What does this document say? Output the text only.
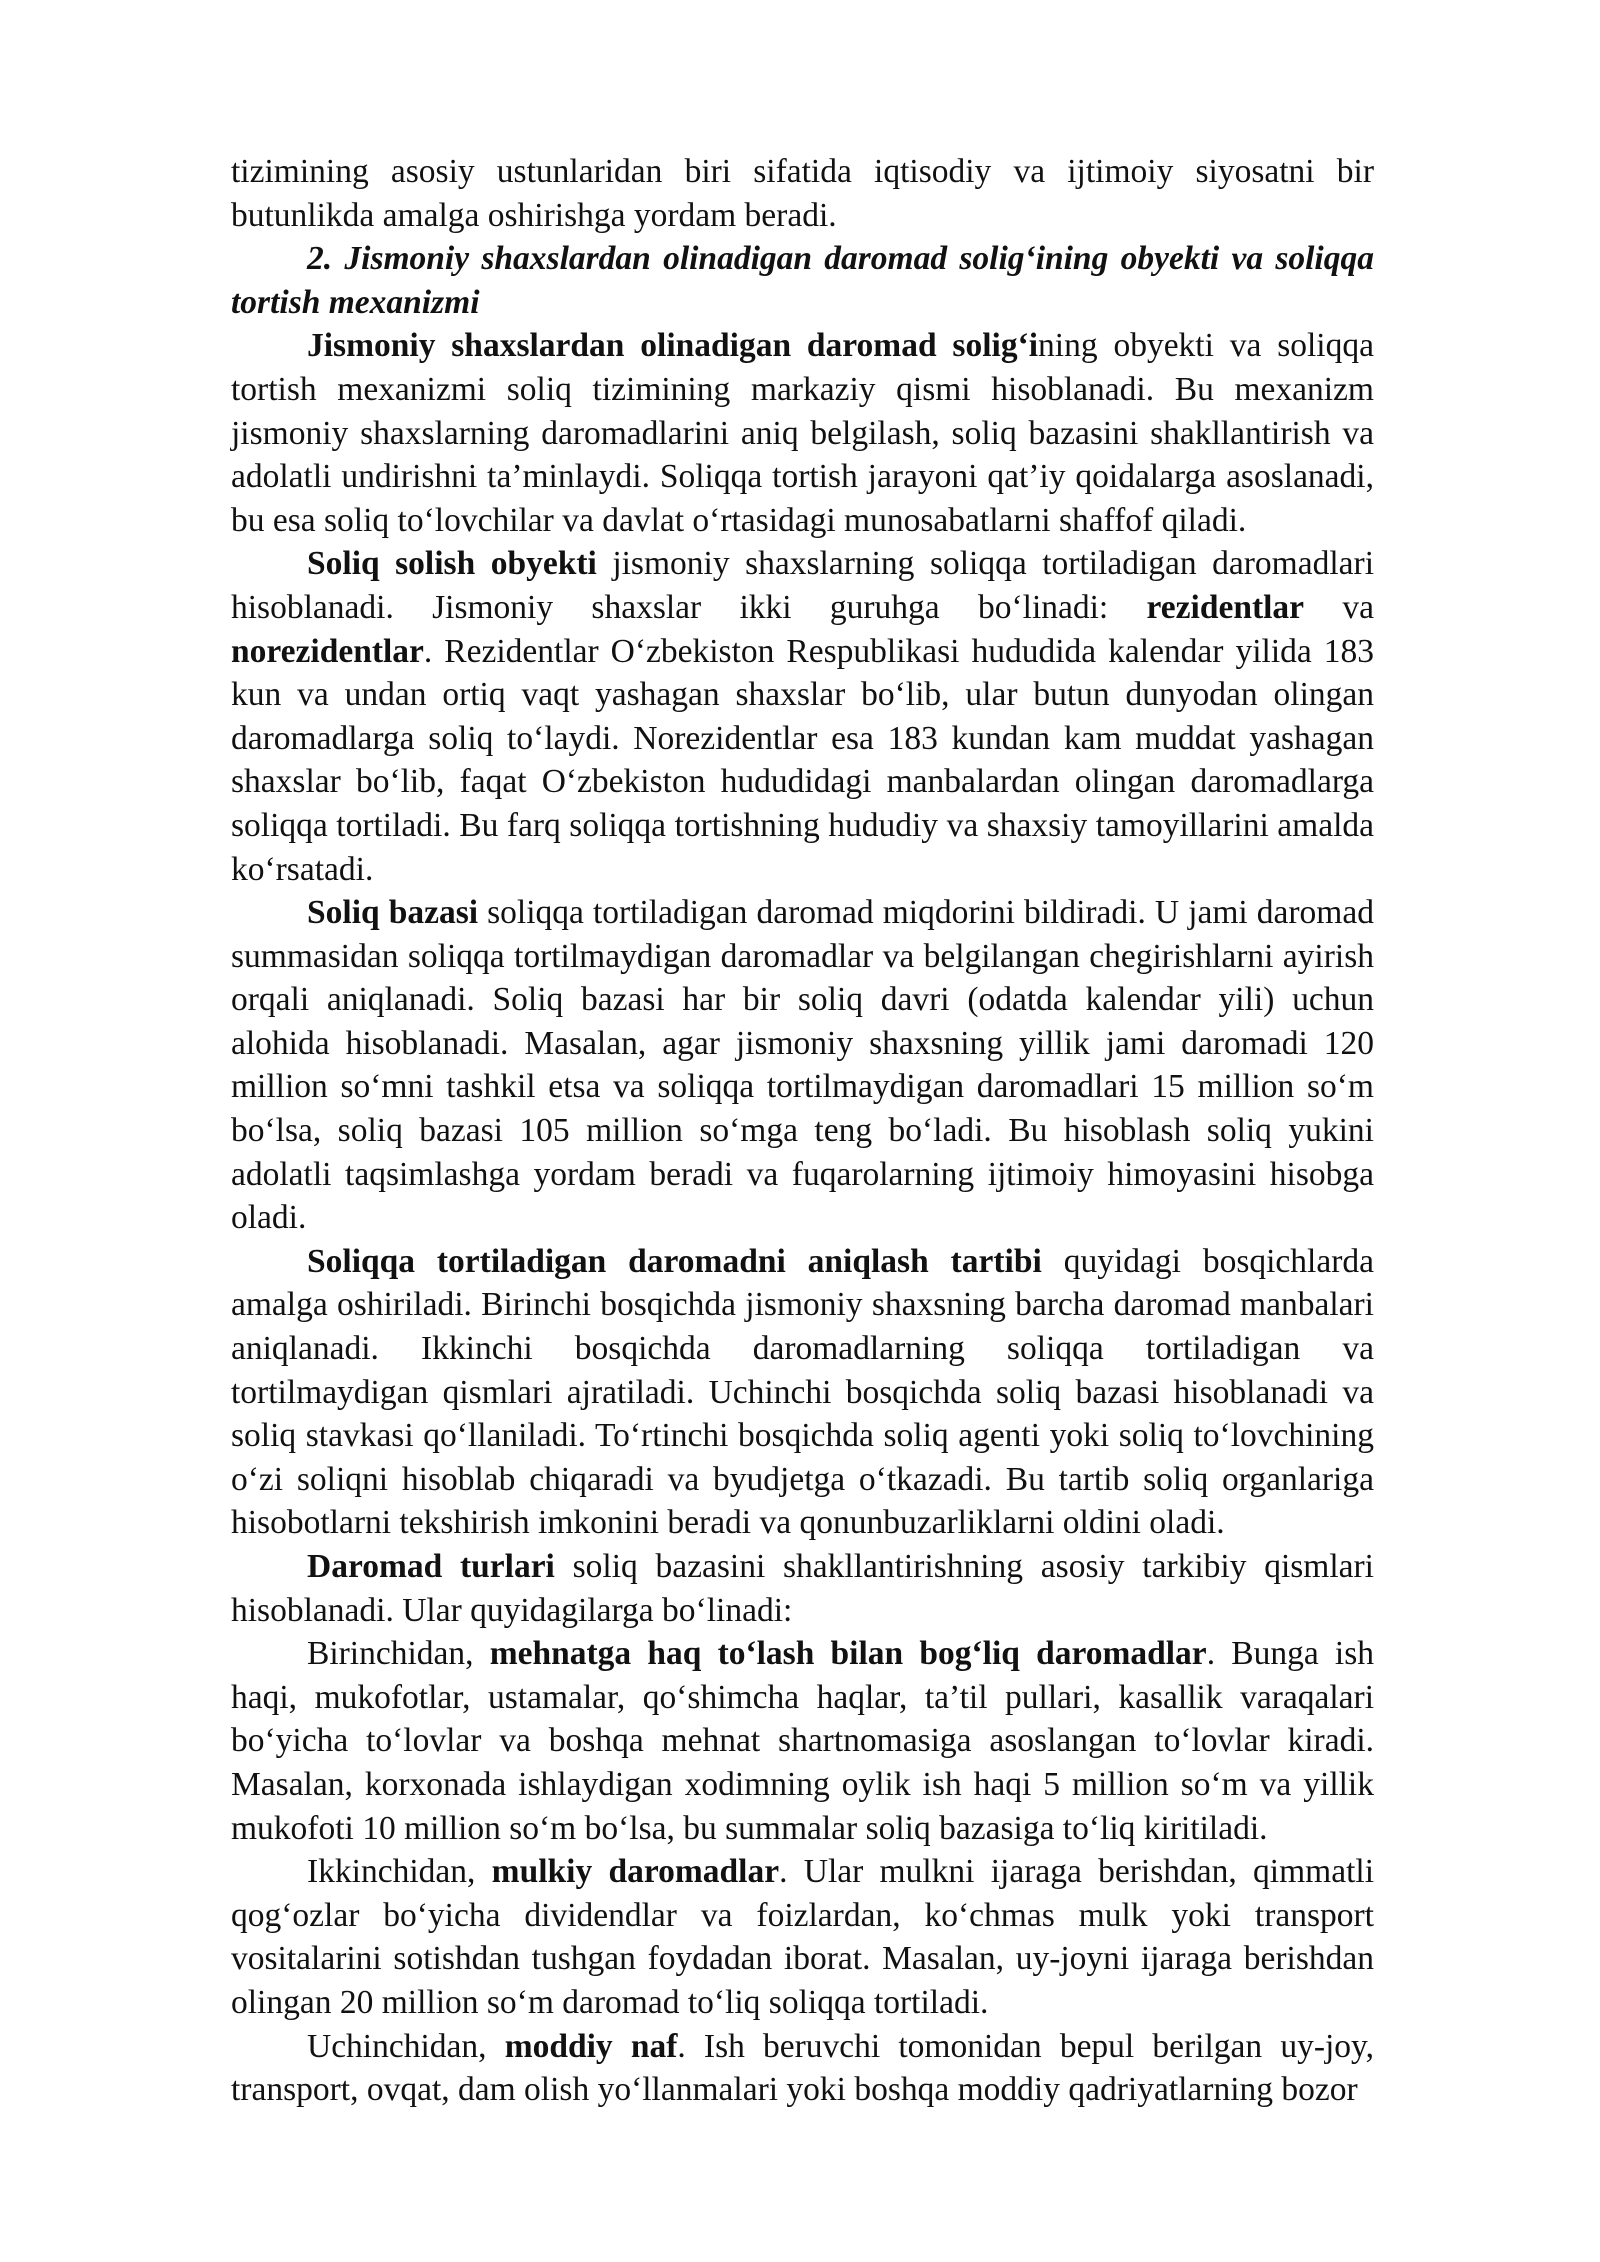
tizimining asosiy ustunlaridan biri sifatida iqtisodiy va ijtimoiy siyosatni bir butunlikda amalga oshirishga yordam beradi.

2. Jismoniy shaxslardan olinadigan daromad solig‘ining obyekti va soliqqa tortish mexanizmi

Jismoniy shaxslardan olinadigan daromad solig‘ining obyekti va soliqqa tortish mexanizmi soliq tizimining markaziy qismi hisoblanadi. Bu mexanizm jismoniy shaxslarning daromadlarini aniq belgilash, soliq bazasini shakllantirish va adolatli undirishni ta’minlaydi. Soliqqa tortish jarayoni qat’iy qoidalarga asoslanadi, bu esa soliq to‘lovchilar va davlat o‘rtasidagi munosabatlarni shaffof qiladi.

Soliq solish obyekti jismoniy shaxslarning soliqqa tortiladigan daromadlari hisoblanadi. Jismoniy shaxslar ikki guruhga bo‘linadi: rezidentlar va norezidentlar. Rezidentlar O‘zbekiston Respublikasi hududida kalendar yilida 183 kun va undan ortiq vaqt yashagan shaxslar bo‘lib, ular butun dunyodan olingan daromadlarga soliq to‘laydi. Norezidentlar esa 183 kundan kam muddat yashagan shaxslar bo‘lib, faqat O‘zbekiston hududidagi manbalardan olingan daromadlarga soliqqa tortiladi. Bu farq soliqqa tortishning hududiy va shaxsiy tamoyillarini amalda ko‘rsatadi.

Soliq bazasi soliqqa tortiladigan daromad miqdorini bildiradi. U jami daromad summasidan soliqqa tortilmaydigan daromadlar va belgilangan chegirishlarni ayirish orqali aniqlanadi. Soliq bazasi har bir soliq davri (odatda kalendar yili) uchun alohida hisoblanadi. Masalan, agar jismoniy shaxsning yillik jami daromadi 120 million so‘mni tashkil etsa va soliqqa tortilmaydigan daromadlari 15 million so‘m bo‘lsa, soliq bazasi 105 million so‘mga teng bo‘ladi. Bu hisoblash soliq yukini adolatli taqsimlashga yordam beradi va fuqarolarning ijtimoiy himoyasini hisobga oladi.

Soliqqa tortiladigan daromadni aniqlash tartibi quyidagi bosqichlarda amalga oshiriladi. Birinchi bosqichda jismoniy shaxsning barcha daromad manbalari aniqlanadi. Ikkinchi bosqichda daromadlarning soliqqa tortiladigan va tortilmaydigan qismlari ajratiladi. Uchinchi bosqichda soliq bazasi hisoblanadi va soliq stavkasi qo‘llaniladi. To‘rtinchi bosqichda soliq agenti yoki soliq to‘lovchining o‘zi soliqni hisoblab chiqaradi va byudjetga o‘tkazadi. Bu tartib soliq organlariga hisobotlarni tekshirish imkonini beradi va qonunbuzarliklarni oldini oladi.

Daromad turlari soliq bazasini shakllantirishning asosiy tarkibiy qismlari hisoblanadi. Ular quyidagilarga bo‘linadi:

Birinchidan, mehnatga haq to‘lash bilan bog‘liq daromadlar. Bunga ish haqi, mukofotlar, ustamalar, qo‘shimcha haqlar, ta’til pullari, kasallik varaqalari bo‘yicha to‘lovlar va boshqa mehnat shartnomasiga asoslangan to‘lovlar kiradi. Masalan, korxonada ishlaydigan xodimning oylik ish haqi 5 million so‘m va yillik mukofoti 10 million so‘m bo‘lsa, bu summalar soliq bazasiga to‘liq kiritiladi.

Ikkinchidan, mulkiy daromadlar. Ular mulkni ijaraga berishdan, qimmatli qog‘ozlar bo‘yicha dividendlar va foizlardan, ko‘chmas mulk yoki transport vositalarini sotishdan tushgan foydadan iborat. Masalan, uy-joyni ijaraga berishdan olingan 20 million so‘m daromad to‘liq soliqqa tortiladi.

Uchinchidan, moddiy naf. Ish beruvchi tomonidan bepul berilgan uy-joy, transport, ovqat, dam olish yo‘llanmalari yoki boshqa moddiy qadriyatlarning bozor
